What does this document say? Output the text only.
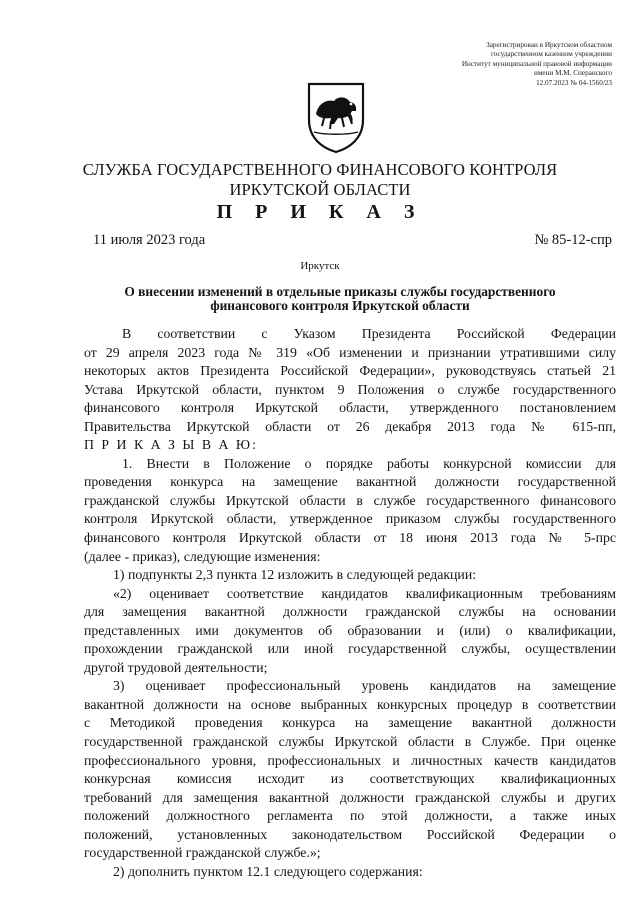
Зарегистрирован в Иркутском областном
государственном казенном учреждении
Институт муниципальной правовой информации
имени М.М. Сперанского
12.07.2023 № 04-1560/23
СЛУЖБА ГОСУДАРСТВЕННОГО ФИНАНСОВОГО КОНТРОЛЯ
ИРКУТСКОЙ ОБЛАСТИ
П Р И К А З
11 июля 2023 года	№ 85-12-спр
Иркутск
О внесении изменений в отдельные приказы службы государственного
финансового контроля Иркутской области
В соответствии с Указом Президента Российской Федерации
от 29 апреля 2023 года № 319 «Об изменении и признании утратившими силу
некоторых актов Президента Российской Федерации», руководствуясь статьей 21
Устава Иркутской области, пунктом 9 Положения о службе государственного
финансового контроля Иркутской области, утвержденного постановлением
Правительства Иркутской области от 26 декабря 2013 года № 615-пп,
П Р И К А З Ы В А Ю:
1. Внести в Положение о порядке работы конкурсной комиссии для
проведения конкурса на замещение вакантной должности государственной
гражданской службы Иркутской области в службе государственного финансового
контроля Иркутской области, утвержденное приказом службы государственного
финансового контроля Иркутской области от 18 июня 2013 года № 5-прс
(далее - приказ), следующие изменения:
1) подпункты 2,3 пункта 12 изложить в следующей редакции:
«2) оценивает соответствие кандидатов квалификационным требованиям
для замещения вакантной должности гражданской службы на основании
представленных ими документов об образовании и (или) о квалификации,
прохождении гражданской или иной государственной службы, осуществлении
другой трудовой деятельности;
3) оценивает профессиональный уровень кандидатов на замещение
вакантной должности на основе выбранных конкурсных процедур в соответствии
с Методикой проведения конкурса на замещение вакантной должности
государственной гражданской службы Иркутской области в Службе. При оценке
профессионального уровня, профессиональных и личностных качеств кандидатов
конкурсная комиссия исходит из соответствующих квалификационных
требований для замещения вакантной должности гражданской службы и других
положений должностного регламента по этой должности, а также иных
положений, установленных законодательством Российской Федерации о
государственной гражданской службе.»;
2) дополнить пунктом 12.1 следующего содержания:
